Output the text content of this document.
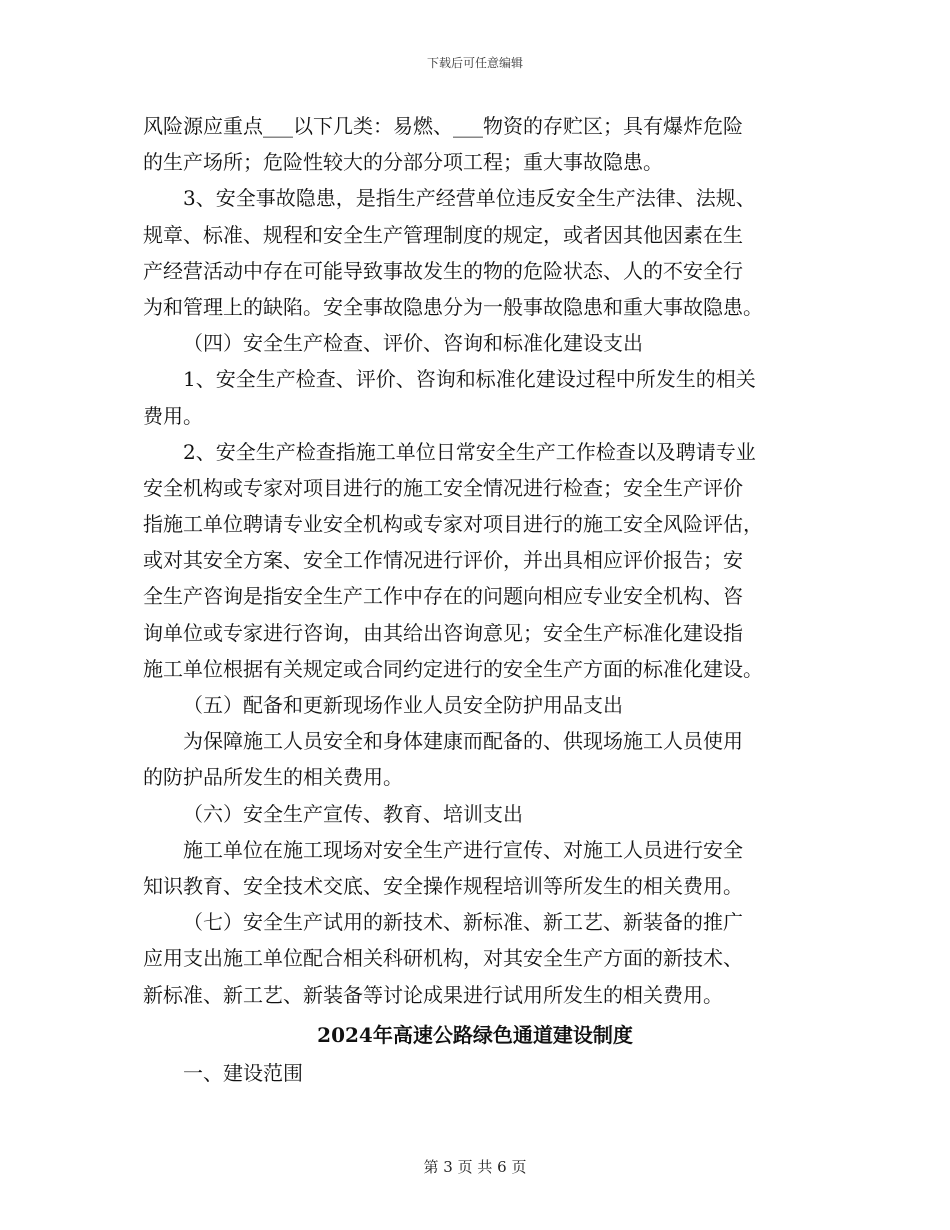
下载后可任意编辑
风险源应重点___以下几类：易燃、___物资的存贮区；具有爆炸危险
的生产场所；危险性较大的分部分项工程；重大事故隐患。
3、安全事故隐患，是指生产经营单位违反安全生产法律、法规、
规章、标准、规程和安全生产管理制度的规定，或者因其他因素在生
产经营活动中存在可能导致事故发生的物的危险状态、人的不安全行
为和管理上的缺陷。安全事故隐患分为一般事故隐患和重大事故隐患。
（四）安全生产检查、评价、咨询和标准化建设支出
1、安全生产检查、评价、咨询和标准化建设过程中所发生的相关
费用。
2、安全生产检查指施工单位日常安全生产工作检查以及聘请专业
安全机构或专家对项目进行的施工安全情况进行检查；安全生产评价
指施工单位聘请专业安全机构或专家对项目进行的施工安全风险评估，
或对其安全方案、安全工作情况进行评价，并出具相应评价报告；安
全生产咨询是指安全生产工作中存在的问题向相应专业安全机构、咨
询单位或专家进行咨询，由其给出咨询意见；安全生产标准化建设指
施工单位根据有关规定或合同约定进行的安全生产方面的标准化建设。
（五）配备和更新现场作业人员安全防护用品支出
为保障施工人员安全和身体建康而配备的、供现场施工人员使用
的防护品所发生的相关费用。
（六）安全生产宣传、教育、培训支出
施工单位在施工现场对安全生产进行宣传、对施工人员进行安全
知识教育、安全技术交底、安全操作规程培训等所发生的相关费用。
（七）安全生产试用的新技术、新标准、新工艺、新装备的推广
应用支出施工单位配合相关科研机构，对其安全生产方面的新技术、
新标准、新工艺、新装备等讨论成果进行试用所发生的相关费用。
2024年高速公路绿色通道建设制度
一、建设范围
第 3 页 共 6 页
